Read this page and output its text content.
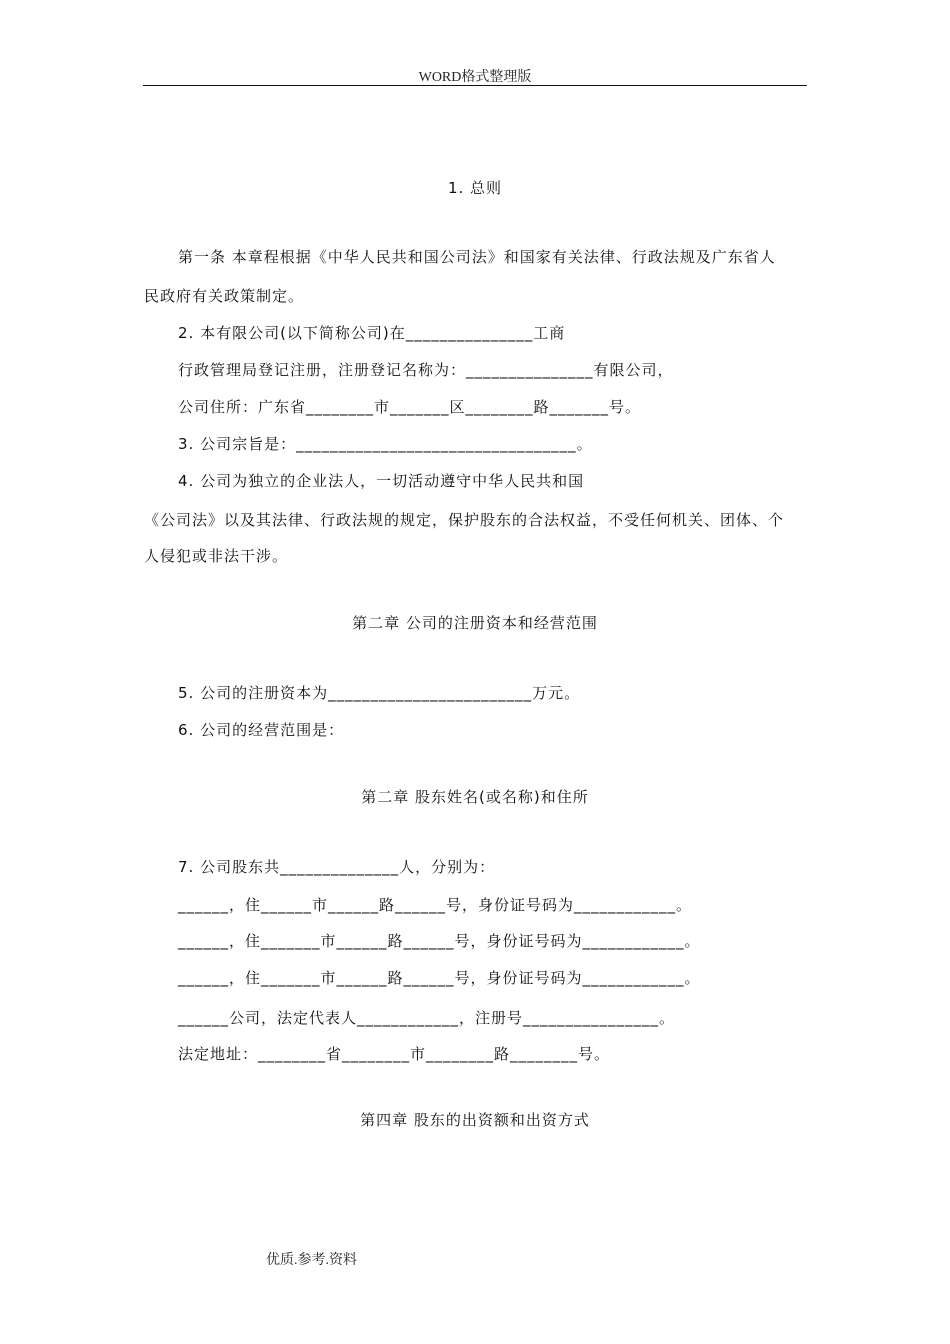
WORD格式整理版
1. 总则
第一条 本章程根据《中华人民共和国公司法》和国家有关法律、行政法规及广东省人
民政府有关政策制定。
2. 本有限公司(以下简称公司)在_______________工商
行政管理局登记注册，注册登记名称为：_______________有限公司，
公司住所：广东省________市_______区________路_______号。
3. 公司宗旨是：_________________________________。
4. 公司为独立的企业法人，一切活动遵守中华人民共和国
《公司法》以及其法律、行政法规的规定，保护股东的合法权益，不受任何机关、团体、个
人侵犯或非法干涉。
第二章 公司的注册资本和经营范围
5. 公司的注册资本为________________________万元。
6. 公司的经营范围是：
第二章 股东姓名(或名称)和住所
7. 公司股东共______________人，分别为：
______，住______市______路______号，身份证号码为____________。
______，住_______市______路______号，身份证号码为____________。
______，住_______市______路______号，身份证号码为____________。
______公司，法定代表人____________，注册号________________。
法定地址：________省________市________路________号。
第四章 股东的出资额和出资方式
优质.参考.资料
